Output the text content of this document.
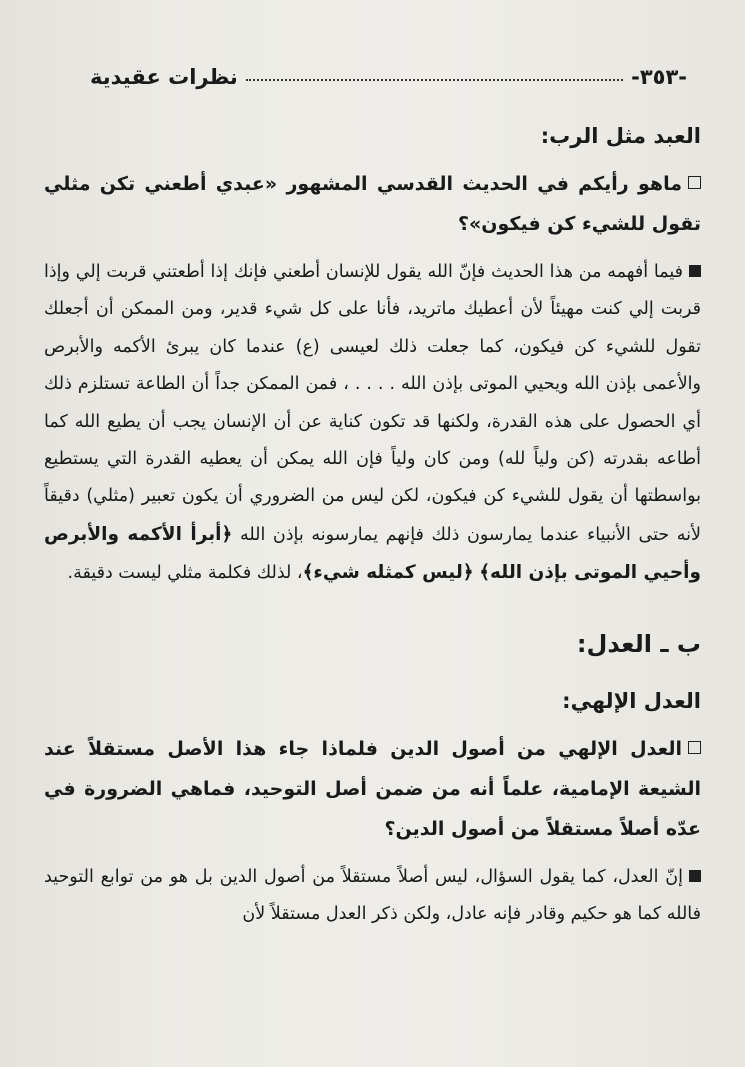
-٣٥٣-
نظرات عقيدية
العبد مثل الرب:

ماهو رأيكم في الحديث القدسي المشهور «عبدي أطعني تكن مثلي تقول للشيء كن فيكون»؟

فيما أفهمه من هذا الحديث فإنّ الله يقول للإنسان أطعني فإنك إذا أطعتني قربت إلي وإذا قربت إلي كنت مهيئاً لأن أعطيك ماتريد، فأنا على كل شيء قدير، ومن الممكن أن أجعلك تقول للشيء كن فيكون، كما جعلت ذلك لعيسى (ع) عندما كان يبرئ الأكمه والأبرص والأعمى بإذن الله ويحيي الموتى بإذن الله . . . . ، فمن الممكن جداً أن الطاعة تستلزم ذلك أي الحصول على هذه القدرة، ولكنها قد تكون كناية عن أن الإنسان يجب أن يطيع الله كما أطاعه بقدرته (كن ولياً لله) ومن كان ولياً فإن الله يمكن أن يعطيه القدرة التي يستطيع بواسطتها أن يقول للشيء كن فيكون، لكن ليس من الضروري أن يكون تعبير (مثلي) دقيقاً لأنه حتى الأنبياء عندما يمارسون ذلك فإنهم يمارسونه بإذن الله ﴿أبرأ الأكمه والأبرص وأحيي الموتى بإذن الله﴾ ﴿ليس كمثله شيء﴾، لذلك فكلمة مثلي ليست دقيقة.

ب ـ العدل:
العدل الإلهي:

العدل الإلهي من أصول الدين فلماذا جاء هذا الأصل مستقلاً عند الشيعة الإمامية، علماً أنه من ضمن أصل التوحيد، فماهي الضرورة في عدّه أصلاً مستقلاً من أصول الدين؟

إنّ العدل، كما يقول السؤال، ليس أصلاً مستقلاً من أصول الدين بل هو من توابع التوحيد فالله كما هو حكيم وقادر فإنه عادل، ولكن ذكر العدل مستقلاً لأن
